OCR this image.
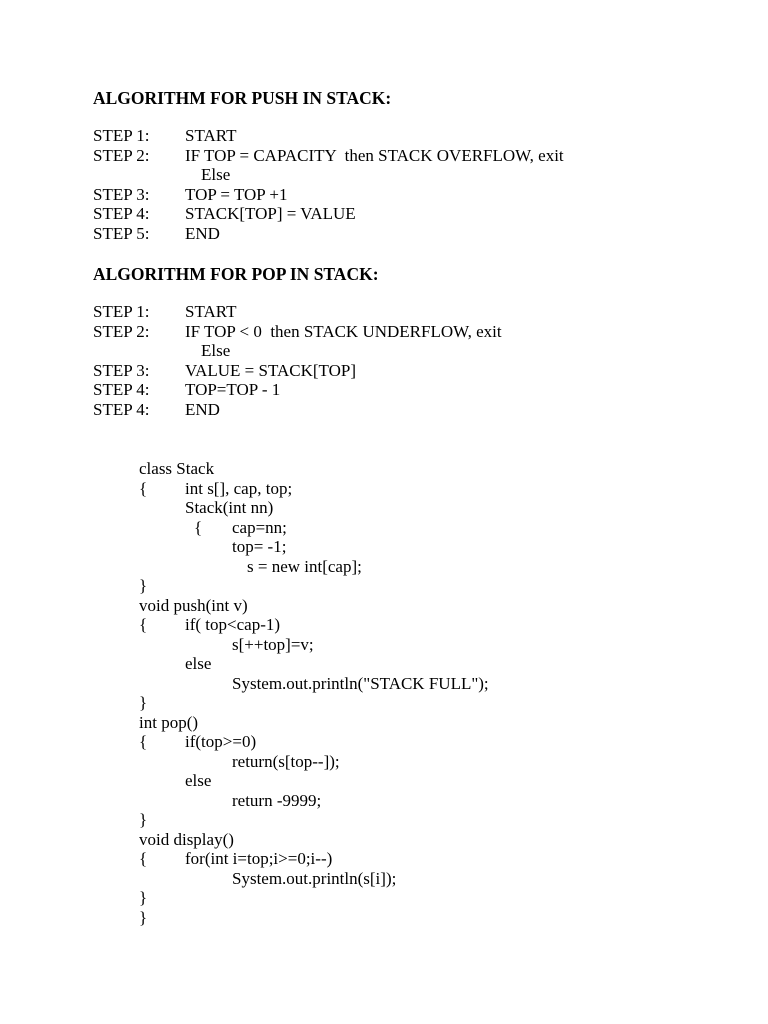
ALGORITHM FOR PUSH IN STACK:
STEP 1: START
STEP 2: IF TOP = CAPACITY  then STACK OVERFLOW, exit
Else
STEP 3: TOP = TOP +1
STEP 4: STACK[TOP] = VALUE
STEP 5: END
ALGORITHM FOR POP IN STACK:
STEP 1: START
STEP 2: IF TOP < 0  then STACK UNDERFLOW, exit
Else
STEP 3: VALUE = STACK[TOP]
STEP 4: TOP=TOP - 1
STEP 4: END
class Stack
{ int s[], cap, top;
Stack(int nn)
{ cap=nn;
top= -1;
s = new int[cap];
}
void push(int v)
{ if( top<cap-1)
s[++top]=v;
else
System.out.println("STACK FULL");
}
int pop()
{ if(top>=0)
return(s[top--]);
else
return -9999;
}
void display()
{ for(int i=top;i>=0;i--)
System.out.println(s[i]);
}
}
